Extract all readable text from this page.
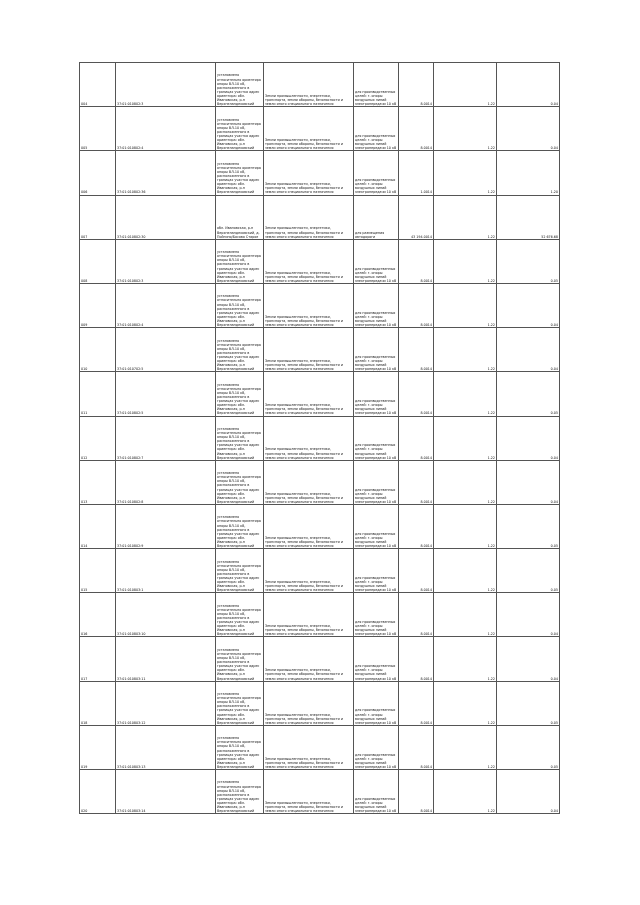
004	37:01:010802:3	установлено относительно ориентира опоры ВЛ-10 кВ, расположенного в границах участка адрес ориентира: обл. Ивановская, р-н Верхнеландеховский	Земли промышленности, энергетики, транспорта, земли обороны, безопасности и земли иного специального назначения	для производственных целей: г. опоры воздушных линий электропередачи 10 кВ	8.0014	1.22	0.04
005	37:01:010802:4	установлено относительно ориентира опоры ВЛ-10 кВ, расположенного в границах участка адрес ориентира: обл. Ивановская, р-н Верхнеландеховский	Земли промышленности, энергетики, транспорта, земли обороны, безопасности и земли иного специального назначения	для производственных целей: г. опоры воздушных линий электропередачи 10 кВ	8.0014	1.22	0.04
006	37:01:010802:36	установлено относительно ориентира опоры ВЛ-10 кВ, расположенного в границах участка адрес ориентира: обл. Ивановская, р-н Верхнеландеховский	Земли промышленности, энергетики, транспорта, земли обороны, безопасности и земли иного специального назначения	для производственных целей: г. опоры воздушных линий электропередачи 10 кВ	1.0014	1.22	1.20
007	37:01:010802:30	обл. Ивановская, р-н Верхнеландеховский, д. Пойгино/Басово Старое	Земли промышленности, энергетики, транспорта, земли обороны, безопасности и земли иного специального назначения	для размещения автодороги	43 194.0014	1.22	52 676.68
008	37:01:010802:3	установлено относительно ориентира опоры ВЛ-10 кВ, расположенного в границах участка адрес ориентира: обл. Ивановская, р-н Верхнеландеховский	Земли промышленности, энергетики, транспорта, земли обороны, безопасности и земли иного специального назначения	для производственных целей: г. опоры воздушных линий электропередачи 10 кВ	8.0014	1.22	0.05
009	37:01:010802:4	установлено относительно ориентира опоры ВЛ-10 кВ, расположенного в границах участка адрес ориентира: обл. Ивановская, р-н Верхнеландеховский	Земли промышленности, энергетики, транспорта, земли обороны, безопасности и земли иного специального назначения	для производственных целей: г. опоры воздушных линий электропередачи 10 кВ	8.0014	1.22	0.04
010	37:01:010702:5	установлено относительно ориентира опоры ВЛ-10 кВ, расположенного в границах участка адрес ориентира: обл. Ивановская, р-н Верхнеландеховский	Земли промышленности, энергетики, транспорта, земли обороны, безопасности и земли иного специального назначения	для производственных целей: г. опоры воздушных линий электропередачи 10 кВ	8.0014	1.22	0.04
011	37:01:010802:5	установлено относительно ориентира опоры ВЛ-10 кВ, расположенного в границах участка адрес ориентира: обл. Ивановская, р-н Верхнеландеховский	Земли промышленности, энергетики, транспорта, земли обороны, безопасности и земли иного специального назначения	для производственных целей: г. опоры воздушных линий электропередачи 10 кВ	8.0014	1.22	0.05
012	37:01:010802:7	установлено относительно ориентира опоры ВЛ-10 кВ, расположенного в границах участка адрес ориентира: обл. Ивановская, р-н Верхнеландеховский	Земли промышленности, энергетики, транспорта, земли обороны, безопасности и земли иного специального назначения	для производственных целей: г. опоры воздушных линий электропередачи 10 кВ	8.0014	1.22	0.04
013	37:01:010802:8	установлено относительно ориентира опоры ВЛ-10 кВ, расположенного в границах участка адрес ориентира: обл. Ивановская, р-н Верхнеландеховский	Земли промышленности, энергетики, транспорта, земли обороны, безопасности и земли иного специального назначения	для производственных целей: г. опоры воздушных линий электропередачи 10 кВ	8.0014	1.22	0.04
014	37:01:010802:9	установлено относительно ориентира опоры ВЛ-10 кВ, расположенного в границах участка адрес ориентира: обл. Ивановская, р-н Верхнеландеховский	Земли промышленности, энергетики, транспорта, земли обороны, безопасности и земли иного специального назначения	для производственных целей: г. опоры воздушных линий электропередачи 10 кВ	8.0014	1.22	0.05
015	37:01:010803:1	установлено относительно ориентира опоры ВЛ-10 кВ, расположенного в границах участка адрес ориентира: обл. Ивановская, р-н Верхнеландеховский	Земли промышленности, энергетики, транспорта, земли обороны, безопасности и земли иного специального назначения	для производственных целей: г. опоры воздушных линий электропередачи 10 кВ	8.0014	1.22	0.05
016	37:01:010803:10	установлено относительно ориентира опоры ВЛ-10 кВ, расположенного в границах участка адрес ориентира: обл. Ивановская, р-н Верхнеландеховский	Земли промышленности, энергетики, транспорта, земли обороны, безопасности и земли иного специального назначения	для производственных целей: г. опоры воздушных линий электропередачи 10 кВ	8.0014	1.22	0.04
017	37:01:010803:11	установлено относительно ориентира опоры ВЛ-10 кВ, расположенного в границах участка адрес ориентира: обл. Ивановская, р-н Верхнеландеховский	Земли промышленности, энергетики, транспорта, земли обороны, безопасности и земли иного специального назначения	для производственных целей: г. опоры воздушных линий электропередачи 10 кВ	8.0014	1.22	0.04
018	37:01:010803:12	установлено относительно ориентира опоры ВЛ-10 кВ, расположенного в границах участка адрес ориентира: обл. Ивановская, р-н Верхнеландеховский	Земли промышленности, энергетики, транспорта, земли обороны, безопасности и земли иного специального назначения	для производственных целей: г. опоры воздушных линий электропередачи 10 кВ	8.0014	1.22	0.05
019	37:01:010803:13	установлено относительно ориентира опоры ВЛ-10 кВ, расположенного в границах участка адрес ориентира: обл. Ивановская, р-н Верхнеландеховский	Земли промышленности, энергетики, транспорта, земли обороны, безопасности и земли иного специального назначения	для производственных целей: г. опоры воздушных линий электропередачи 10 кВ	8.0014	1.22	0.05
020	37:01:010803:14	установлено относительно ориентира опоры ВЛ-10 кВ, расположенного в границах участка адрес ориентира: обл. Ивановская, р-н Верхнеландеховский	Земли промышленности, энергетики, транспорта, земли обороны, безопасности и земли иного специального назначения	для производственных целей: г. опоры воздушных линий электропередачи 10 кВ	8.0014	1.22	0.04
